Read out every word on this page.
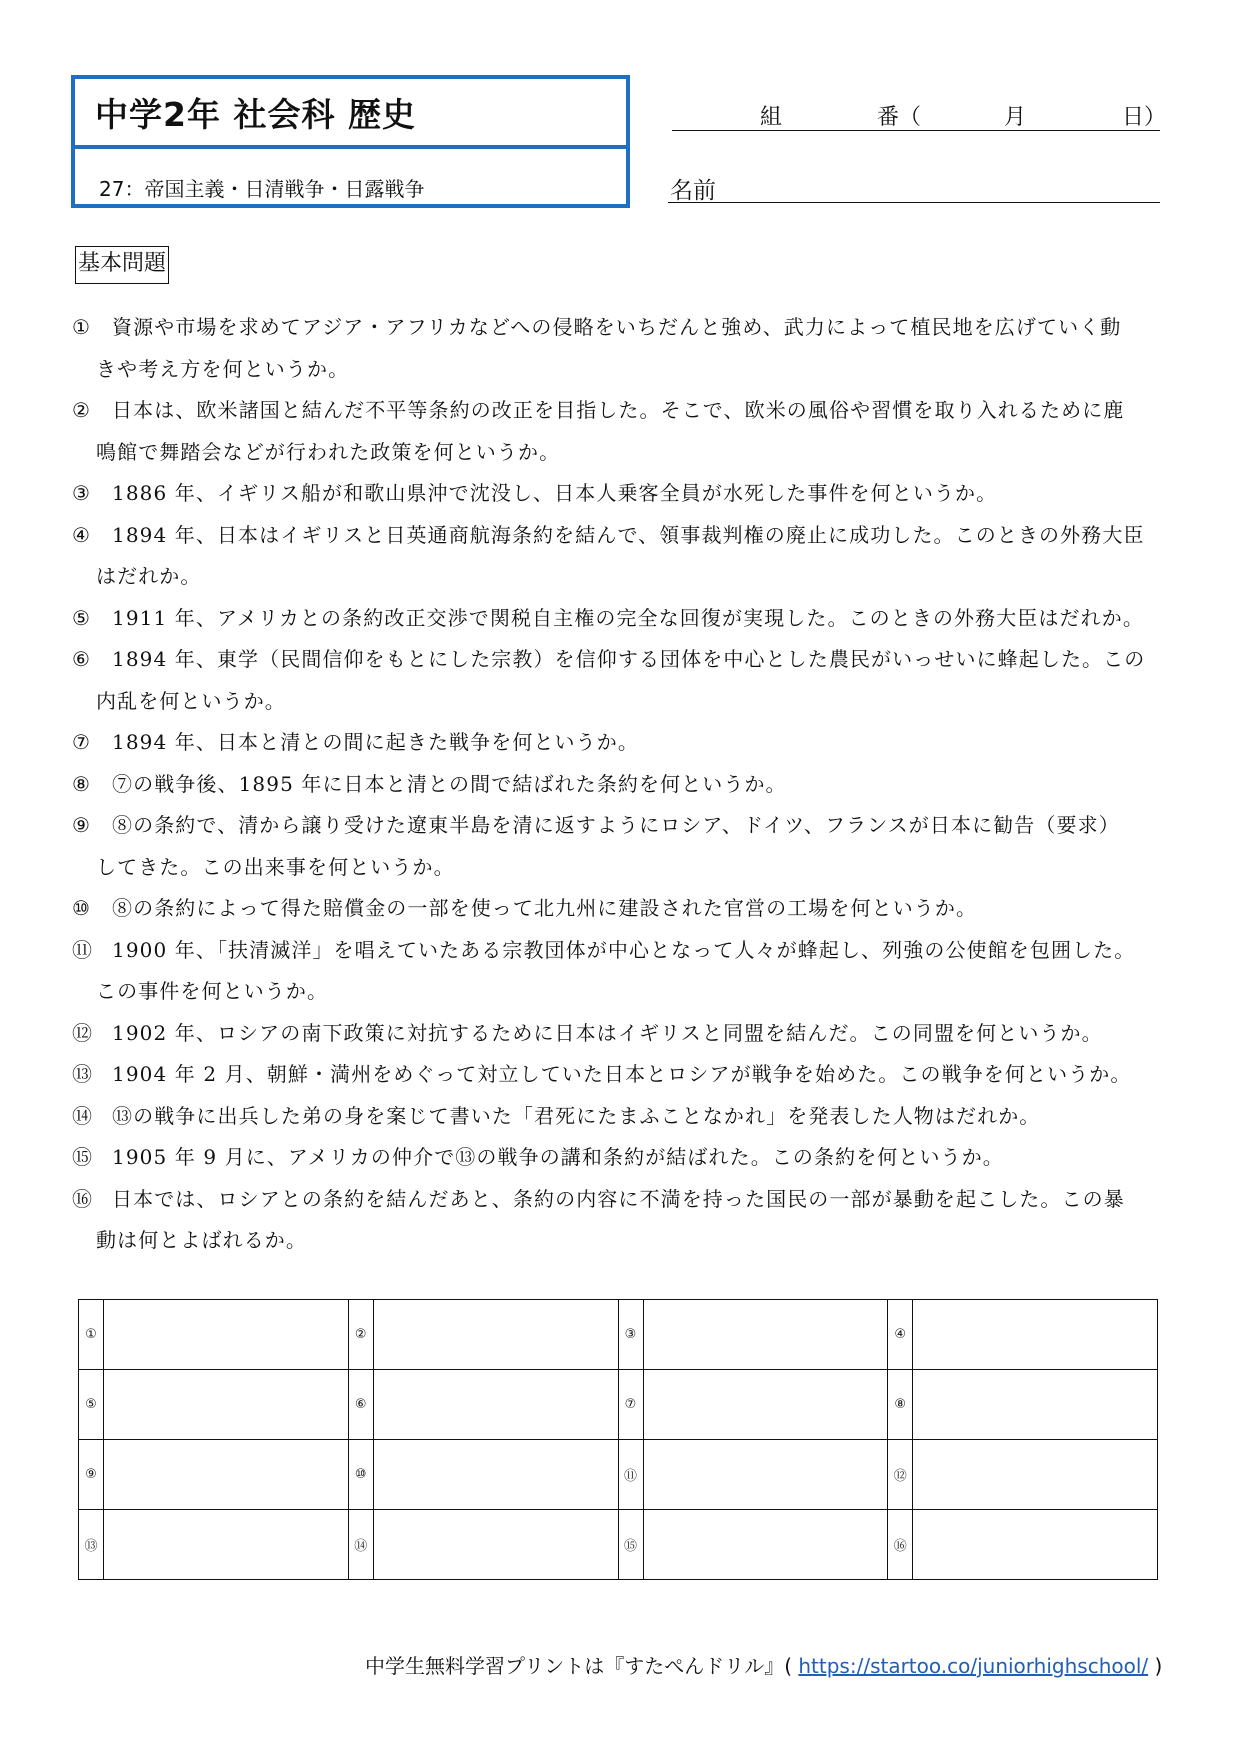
中学2年 社会科 歴史
27：帝国主義・日清戦争・日露戦争
組	番（	月	日）
名前
基本問題
①	資源や市場を求めてアジア・アフリカなどへの侵略をいちだんと強め、武力によって植民地を広げていく動
きや考え方を何というか。
②	日本は、欧米諸国と結んだ不平等条約の改正を目指した。そこで、欧米の風俗や習慣を取り入れるために鹿
鳴館で舞踏会などが行われた政策を何というか。
③	1886 年、イギリス船が和歌山県沖で沈没し、日本人乗客全員が水死した事件を何というか。
④	1894 年、日本はイギリスと日英通商航海条約を結んで、領事裁判権の廃止に成功した。このときの外務大臣
はだれか。
⑤	1911 年、アメリカとの条約改正交渉で関税自主権の完全な回復が実現した。このときの外務大臣はだれか。
⑥	1894 年、東学（民間信仰をもとにした宗教）を信仰する団体を中心とした農民がいっせいに蜂起した。この
内乱を何というか。
⑦	1894 年、日本と清との間に起きた戦争を何というか。
⑧	⑦の戦争後、1895 年に日本と清との間で結ばれた条約を何というか。
⑨	⑧の条約で、清から譲り受けた遼東半島を清に返すようにロシア、ドイツ、フランスが日本に勧告（要求）
してきた。この出来事を何というか。
⑩	⑧の条約によって得た賠償金の一部を使って北九州に建設された官営の工場を何というか。
⑪ 1900 年、「扶清滅洋」を唱えていたある宗教団体が中心となって人々が蜂起し、列強の公使館を包囲した。
この事件を何というか。
⑫ 1902 年、ロシアの南下政策に対抗するために日本はイギリスと同盟を結んだ。この同盟を何というか。
⑬ 1904 年 2 月、朝鮮・満州をめぐって対立していた日本とロシアが戦争を始めた。この戦争を何というか。
⑭ ⑬の戦争に出兵した弟の身を案じて書いた「君死にたまふことなかれ」を発表した人物はだれか。
⑮ 1905 年 9 月に、アメリカの仲介で⑬の戦争の講和条約が結ばれた。この条約を何というか。
⑯ 日本では、ロシアとの条約を結んだあと、条約の内容に不満を持った国民の一部が暴動を起こした。この暴
動は何とよばれるか。
①		②		③		④	
⑤		⑥		⑦		⑧	
⑨		⑩		⑪		⑫	
⑬		⑭		⑮		⑯	
中学生無料学習プリントは『すたぺんドリル』( https://startoo.co/juniorhighschool/ )
